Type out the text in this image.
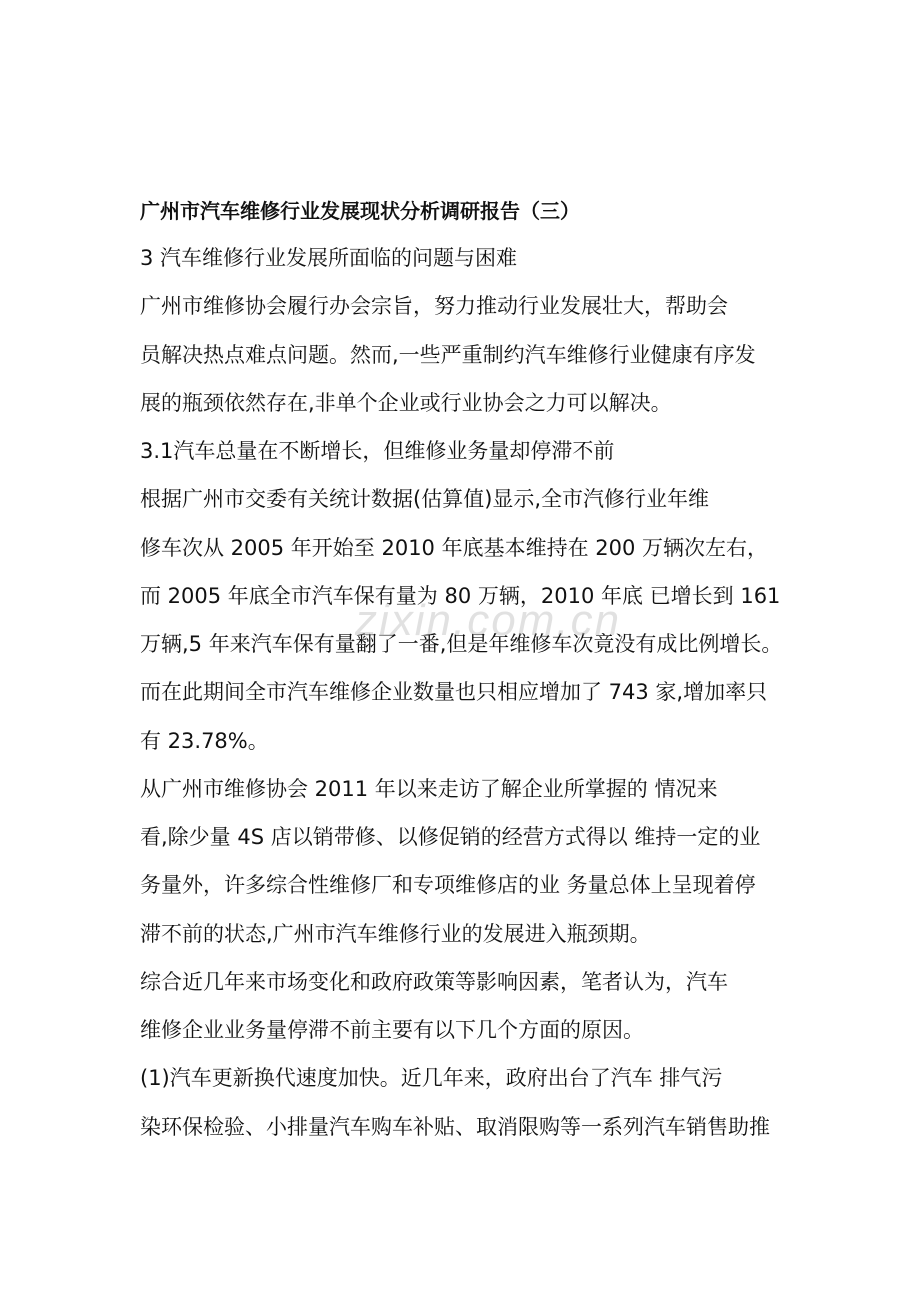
广州市汽车维修行业发展现状分析调研报告（三）
3 汽车维修行业发展所面临的问题与困难
广州市维修协会履行办会宗旨，努力推动行业发展壮大，帮助会
员解决热点难点问题。然而,一些严重制约汽车维修行业健康有序发
展的瓶颈依然存在,非单个企业或行业协会之力可以解决。
3.1汽车总量在不断增长，但维修业务量却停滞不前
根据广州市交委有关统计数据(估算值)显示,全市汽修行业年维
修车次从 2005 年开始至 2010 年底基本维持在 200 万辆次左右，
而 2005 年底全市汽车保有量为 80 万辆，2010 年底 已增长到 161
万辆,5 年来汽车保有量翻了一番,但是年维修车次竟没有成比例增长。
而在此期间全市汽车维修企业数量也只相应增加了 743 家,增加率只
有 23.78%。
从广州市维修协会 2011 年以来走访了解企业所掌握的 情况来
看,除少量 4S 店以销带修、以修促销的经营方式得以 维持一定的业
务量外，许多综合性维修厂和专项维修店的业 务量总体上呈现着停
滞不前的状态,广州市汽车维修行业的发展进入瓶颈期。
综合近几年来市场变化和政府政策等影响因素，笔者认为，汽车
维修企业业务量停滞不前主要有以下几个方面的原因。
(1)汽车更新换代速度加快。近几年来，政府出台了汽车 排气污
染环保检验、小排量汽车购车补贴、取消限购等一系列汽车销售助推
zixin.com.cn
